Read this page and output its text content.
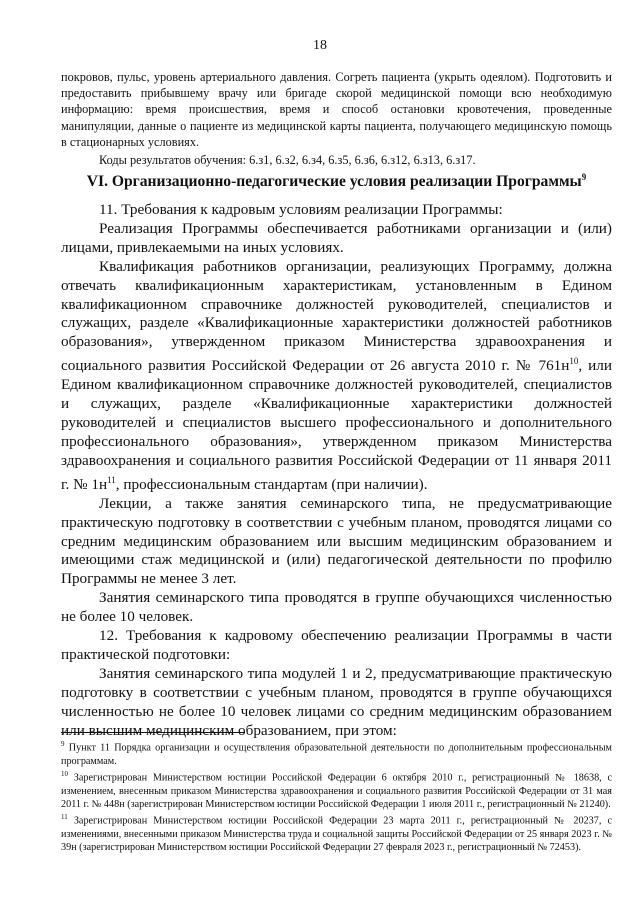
18

покровов, пульс, уровень артериального давления. Согреть пациента (укрыть одеялом). Подготовить и предоставить прибывшему врачу или бригаде скорой медицинской помощи всю необходимую информацию: время происшествия, время и способ остановки кровотечения, проведенные манипуляции, данные о пациенте из медицинской карты пациента, получающего медицинскую помощь в стационарных условиях.

Коды результатов обучения: 6.з1, 6.з2, 6.з4, 6.з5, 6.з6, 6.з12, 6.з13, 6.з17.

VI. Организационно-педагогические условия реализации Программы$^9$

11. Требования к кадровым условиям реализации Программы:

Реализация Программы обеспечивается работниками организации и (или) лицами, привлекаемыми на иных условиях.

Квалификация работников организации, реализующих Программу, должна отвечать квалификационным характеристикам, установленным в Едином квалификационном справочнике должностей руководителей, специалистов и служащих, разделе «Квалификационные характеристики должностей работников образования», утвержденном приказом Министерства здравоохранения и социального развития Российской Федерации от 26 августа 2010 г. № $761н^{10}$, или Едином квалификационном справочнике должностей руководителей, специалистов и служащих, разделе «Квалификационные характеристики должностей руководителей и специалистов высшего профессионального и дополнительного профессионального образования», утвержденном приказом Министерства здравоохранения и социального развития Российской Федерации от 11 января 2011 г. № $1н^{11}$, профессиональным стандартам (при наличии).

Лекции, а также занятия семинарского типа, не предусматривающие практическую подготовку в соответствии с учебным планом, проводятся лицами со средним медицинским образованием или высшим медицинским образованием и имеющими стаж медицинской и (или) педагогической деятельности по профилю Программы не менее 3 лет.

Занятия семинарского типа проводятся в группе обучающихся численностью не более 10 человек.

12. Требования к кадровому обеспечению реализации Программы в части практической подготовки:

Занятия семинарского типа модулей 1 и 2, предусматривающие практическую подготовку в соответствии с учебным планом, проводятся в группе обучающихся численностью не более 10 человек лицами со средним медицинским образованием или высшим медицинским образованием, при этом:

$^9$ Пункт 11 Порядка организации и осуществления образовательной деятельности по дополнительным профессиональным программам.

$^{10}$ Зарегистрирован Министерством юстиции Российской Федерации 6 октября 2010 г., регистрационный № 18638, с изменением, внесенным приказом Министерства здравоохранения и социального развития Российской Федерации от 31 мая 2011 г. № 448н (зарегистрирован Министерством юстиции Российской Федерации 1 июля 2011 г., регистрационный № 21240).

$^{11}$ Зарегистрирован Министерством юстиции Российской Федерации 23 марта 2011 г., регистрационный № 20237, с изменениями, внесенными приказом Министерства труда и социальной защиты Российской Федерации от 25 января 2023 г. № 39н (зарегистрирован Министерством юстиции Российской Федерации 27 февраля 2023 г., регистрационный № 72453).
